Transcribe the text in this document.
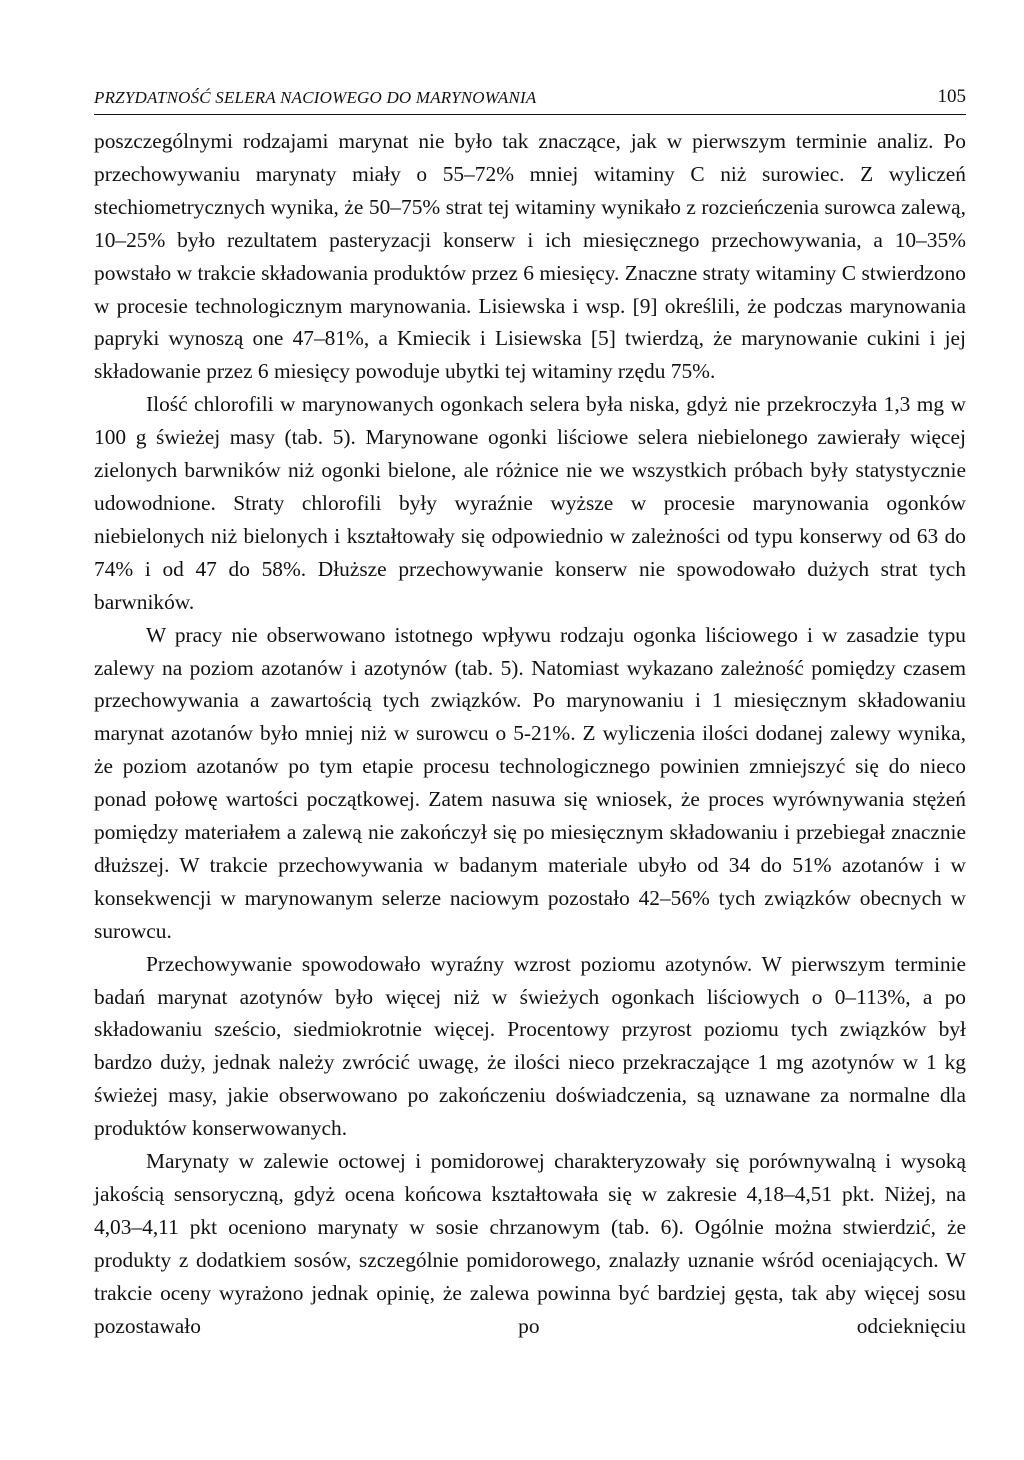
PRZYDATNOŚĆ SELERA NACIOWEGO DO MARYNOWANIA	105

poszczególnymi rodzajami marynat nie było tak znaczące, jak w pierwszym terminie analiz. Po przechowywaniu marynaty miały o 55–72% mniej witaminy C niż surowiec. Z wyliczeń stechiometrycznych wynika, że 50–75% strat tej witaminy wynikało z rozcieńczenia surowca zalewą, 10–25% było rezultatem pasteryzacji konserw i ich miesięcznego przechowywania, a 10–35% powstało w trakcie składowania produktów przez 6 miesięcy. Znaczne straty witaminy C stwierdzono w procesie technologicznym marynowania. Lisiewska i wsp. [9] określili, że podczas marynowania papryki wynoszą one 47–81%, a Kmiecik i Lisiewska [5] twierdzą, że marynowanie cukini i jej składowanie przez 6 miesięcy powoduje ubytki tej witaminy rzędu 75%.

Ilość chlorofili w marynowanych ogonkach selera była niska, gdyż nie przekroczyła 1,3 mg w 100 g świeżej masy (tab. 5). Marynowane ogonki liściowe selera niebielonego zawierały więcej zielonych barwników niż ogonki bielone, ale różnice nie we wszystkich próbach były statystycznie udowodnione. Straty chlorofili były wyraźnie wyższe w procesie marynowania ogonków niebielonych niż bielonych i kształtowały się odpowiednio w zależności od typu konserwy od 63 do 74% i od 47 do 58%. Dłuższe przechowywanie konserw nie spowodowało dużych strat tych barwników.

W pracy nie obserwowano istotnego wpływu rodzaju ogonka liściowego i w zasadzie typu zalewy na poziom azotanów i azotynów (tab. 5). Natomiast wykazano zależność pomiędzy czasem przechowywania a zawartością tych związków. Po marynowaniu i 1 miesięcznym składowaniu marynat azotanów było mniej niż w surowcu o 5-21%. Z wyliczenia ilości dodanej zalewy wynika, że poziom azotanów po tym etapie procesu technologicznego powinien zmniejszyć się do nieco ponad połowę wartości początkowej. Zatem nasuwa się wniosek, że proces wyrównywania stężeń pomiędzy materiałem a zalewą nie zakończył się po miesięcznym składowaniu i przebiegał znacznie dłuższej. W trakcie przechowywania w badanym materiale ubyło od 34 do 51% azotanów i w konsekwencji w marynowanym selerze naciowym pozostało 42–56% tych związków obecnych w surowcu.

Przechowywanie spowodowało wyraźny wzrost poziomu azotynów. W pierwszym terminie badań marynat azotynów było więcej niż w świeżych ogonkach liściowych o 0–113%, a po składowaniu sześcio, siedmiokrotnie więcej. Procentowy przyrost poziomu tych związków był bardzo duży, jednak należy zwrócić uwagę, że ilości nieco przekraczające 1 mg azotynów w 1 kg świeżej masy, jakie obserwowano po zakończeniu doświadczenia, są uznawane za normalne dla produktów konserwowanych.

Marynaty w zalewie octowej i pomidorowej charakteryzowały się porównywalną i wysoką jakością sensoryczną, gdyż ocena końcowa kształtowała się w zakresie 4,18–4,51 pkt. Niżej, na 4,03–4,11 pkt oceniono marynaty w sosie chrzanowym (tab. 6). Ogólnie można stwierdzić, że produkty z dodatkiem sosów, szczególnie pomidorowego, znalazły uznanie wśród oceniających. W trakcie oceny wyrażono jednak opinię, że zalewa powinna być bardziej gęsta, tak aby więcej sosu pozostawało po odcieknięciu
